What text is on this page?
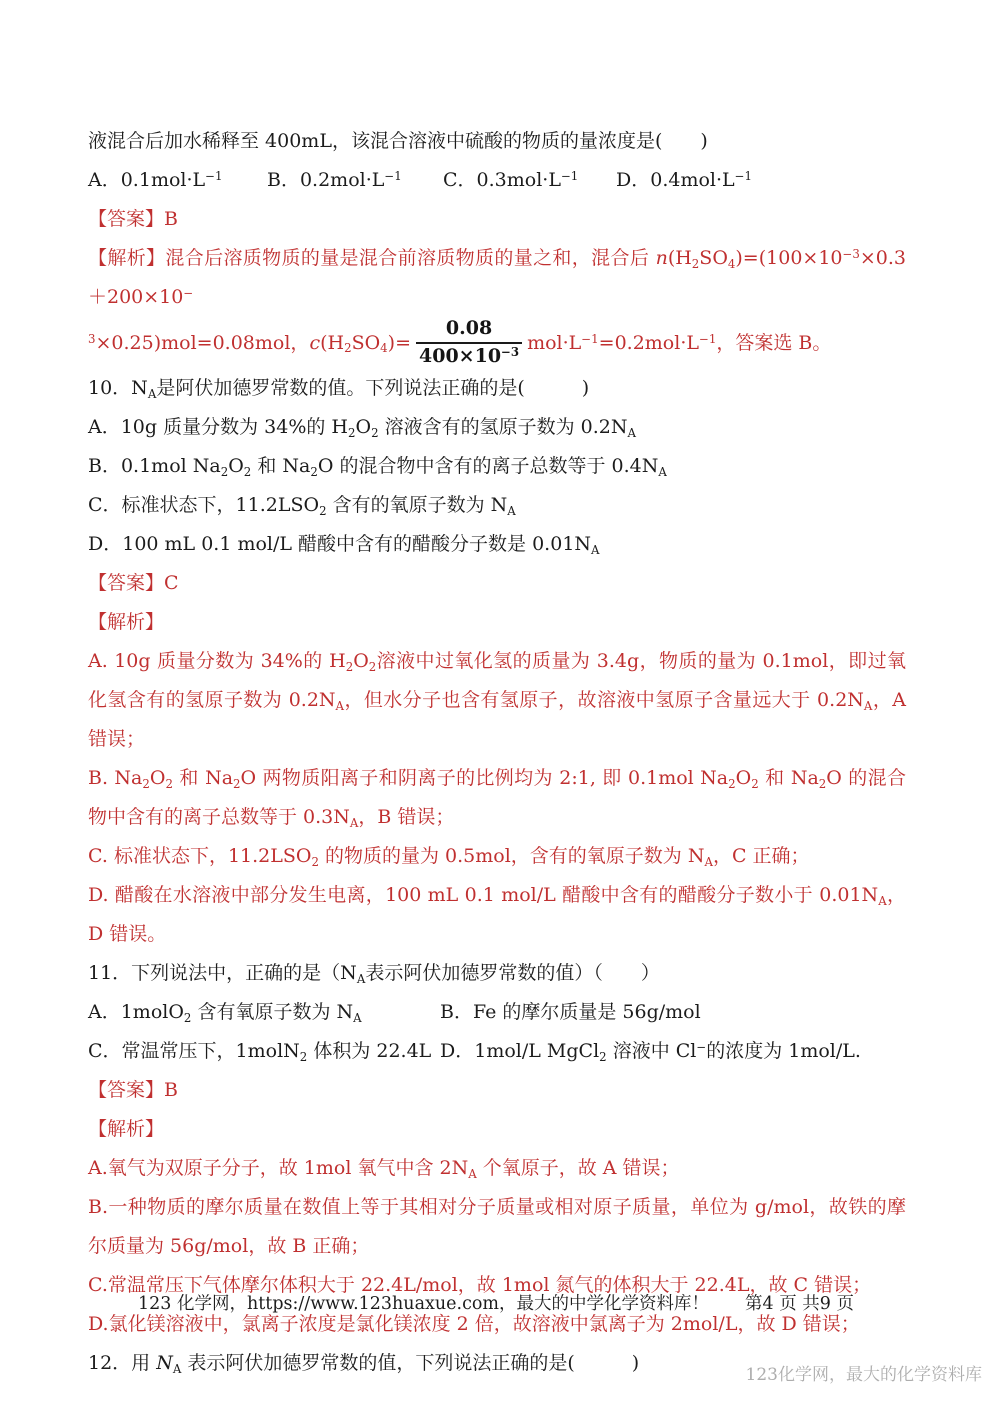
液混合后加水稀释至 400mL，该混合溶液中硫酸的物质的量浓度是(　　)

A．$0.1mol\cdot L^{-1}$	B．$0.2mol\cdot L^{-1}$	C．$0.3mol\cdot L^{-1}$	D．$0.4mol\cdot L^{-1}$

【答案】B

【解析】混合后溶质物质的量是混合前溶质物质的量之和，混合后 $n(H_2SO_4)=(100\times 10^{-3}\times 0.3+200\times 10^-$

$^3$×0.25)mol=0.08mol，$c(H_2SO_4)= \frac{0.08}{400\times 10^{-3}} mol\cdot L^{-1}=0.2mol\cdot L^{-1}$，答案选 B。

10．$N_A$是阿伏加德罗常数的值。下列说法正确的是(　　　)

A．10g 质量分数为 34%的 $H_2O_2$ 溶液含有的氢原子数为 $0.2N_A$

B．0.1mol $Na_2O_2$ 和 $Na_2O$ 的混合物中含有的离子总数等于 $0.4N_A$

C．标准状态下，$11.2LSO_2$ 含有的氧原子数为 $N_A$

D．100 mL 0.1 mol/L 醋酸中含有的醋酸分子数是 $0.01N_A$

【答案】C

【解析】

A. 10g 质量分数为 34%的 $H_2O_2$溶液中过氧化氢的质量为 3.4g，物质的量为 0.1mol，即过氧化氢含有的氢原子数为 $0.2N_A$，但水分子也含有氢原子，故溶液中氢原子含量远大于 $0.2N_A$，A 错误；

B. $Na_2O_2$ 和 $Na_2O$ 两物质阳离子和阴离子的比例均为 2:1, 即 0.1mol $Na_2O_2$ 和 $Na_2O$ 的混合物中含有的离子总数等于 $0.3N_A$，B 错误；

C. 标准状态下，$11.2LSO_2$ 的物质的量为 0.5mol，含有的氧原子数为 $N_A$，C 正确；

D. 醋酸在水溶液中部分发生电离，100 mL 0.1 mol/L 醋酸中含有的醋酸分子数小于 $0.01N_A$，D 错误。

11．下列说法中，正确的是（$N_A$表示阿伏加德罗常数的值）（　　）

A．1molO$_2$ 含有氧原子数为 $N_A$	B．Fe 的摩尔质量是 56g/mol
C．常温常压下，1molN$_2$ 体积为 22.4L D．1mol/L MgCl$_2$ 溶液中 Cl−的浓度为 1mol/L.

【答案】B

【解析】

A.氧气为双原子分子，故 1mol 氧气中含 $2N_A$ 个氧原子，故 A 错误；

B.一种物质的摩尔质量在数值上等于其相对分子质量或相对原子质量，单位为 g/mol，故铁的摩尔质量为 56g/mol，故 B 正确；

C.常温常压下气体摩尔体积大于 22.4L/mol，故 1mol 氮气的体积大于 22.4L，故 C 错误；

D.氯化镁溶液中，氯离子浓度是氯化镁浓度 2 倍，故溶液中氯离子为 2mol/L，故 D 错误；

12．用 $N_A$ 表示阿伏加德罗常数的值，下列说法正确的是(　　　)

123 化学网，https://www.123huaxue.com，最大的中学化学资料库！ 第4 页 共9 页
123化学网，最大的化学资料库
